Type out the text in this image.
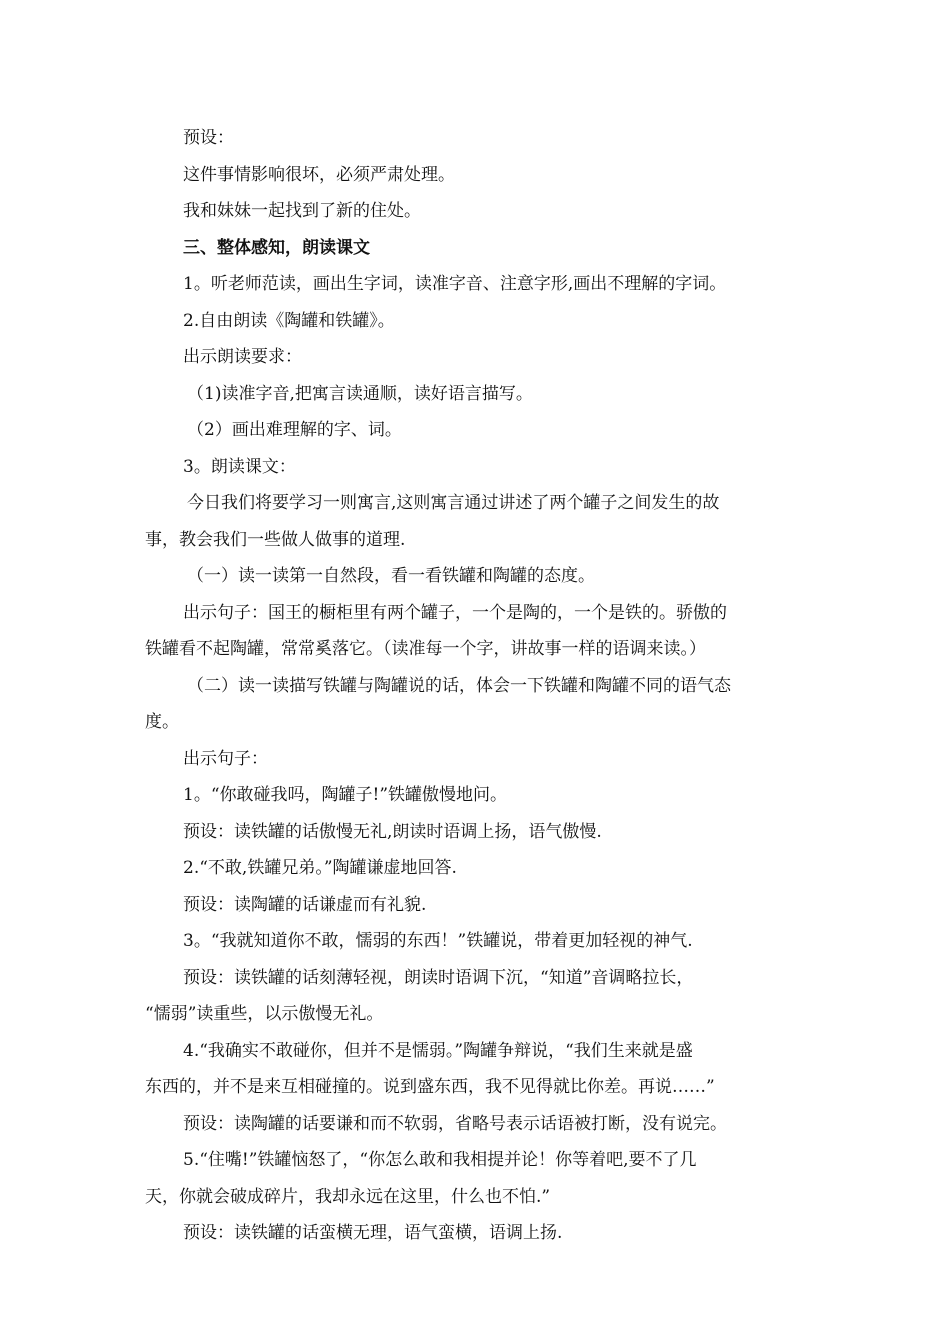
预设：

这件事情影响很坏，必须严肃处理。

我和妹妹一起找到了新的住处。

三、整体感知，朗读课文

1。听老师范读，画出生字词，读准字音、注意字形,画出不理解的字词。

2.自由朗读《陶罐和铁罐》。

出示朗读要求：

（1)读准字音,把寓言读通顺，读好语言描写。

（2）画出难理解的字、词。

3。朗读课文：

今日我们将要学习一则寓言,这则寓言通过讲述了两个罐子之间发生的故

事，教会我们一些做人做事的道理.

（一）读一读第一自然段，看一看铁罐和陶罐的态度。

出示句子：国王的橱柜里有两个罐子，一个是陶的，一个是铁的。骄傲的

铁罐看不起陶罐，常常奚落它。（读准每一个字，讲故事一样的语调来读。）

（二）读一读描写铁罐与陶罐说的话，体会一下铁罐和陶罐不同的语气态

度。

出示句子：

1。“你敢碰我吗，陶罐子!”铁罐傲慢地问。

预设：读铁罐的话傲慢无礼,朗读时语调上扬，语气傲慢.

2.“不敢,铁罐兄弟。”陶罐谦虚地回答.

预设：读陶罐的话谦虚而有礼貌.

3。“我就知道你不敢，懦弱的东西！”铁罐说，带着更加轻视的神气.

预设：读铁罐的话刻薄轻视，朗读时语调下沉，“知道”音调略拉长，

“懦弱”读重些，以示傲慢无礼。

4.“我确实不敢碰你，但并不是懦弱。”陶罐争辩说，“我们生来就是盛

东西的，并不是来互相碰撞的。说到盛东西，我不见得就比你差。再说……”

预设：读陶罐的话要谦和而不软弱，省略号表示话语被打断，没有说完。

5.“住嘴!”铁罐恼怒了，“你怎么敢和我相提并论！你等着吧,要不了几

天，你就会破成碎片，我却永远在这里，什么也不怕.”

预设：读铁罐的话蛮横无理，语气蛮横，语调上扬.
